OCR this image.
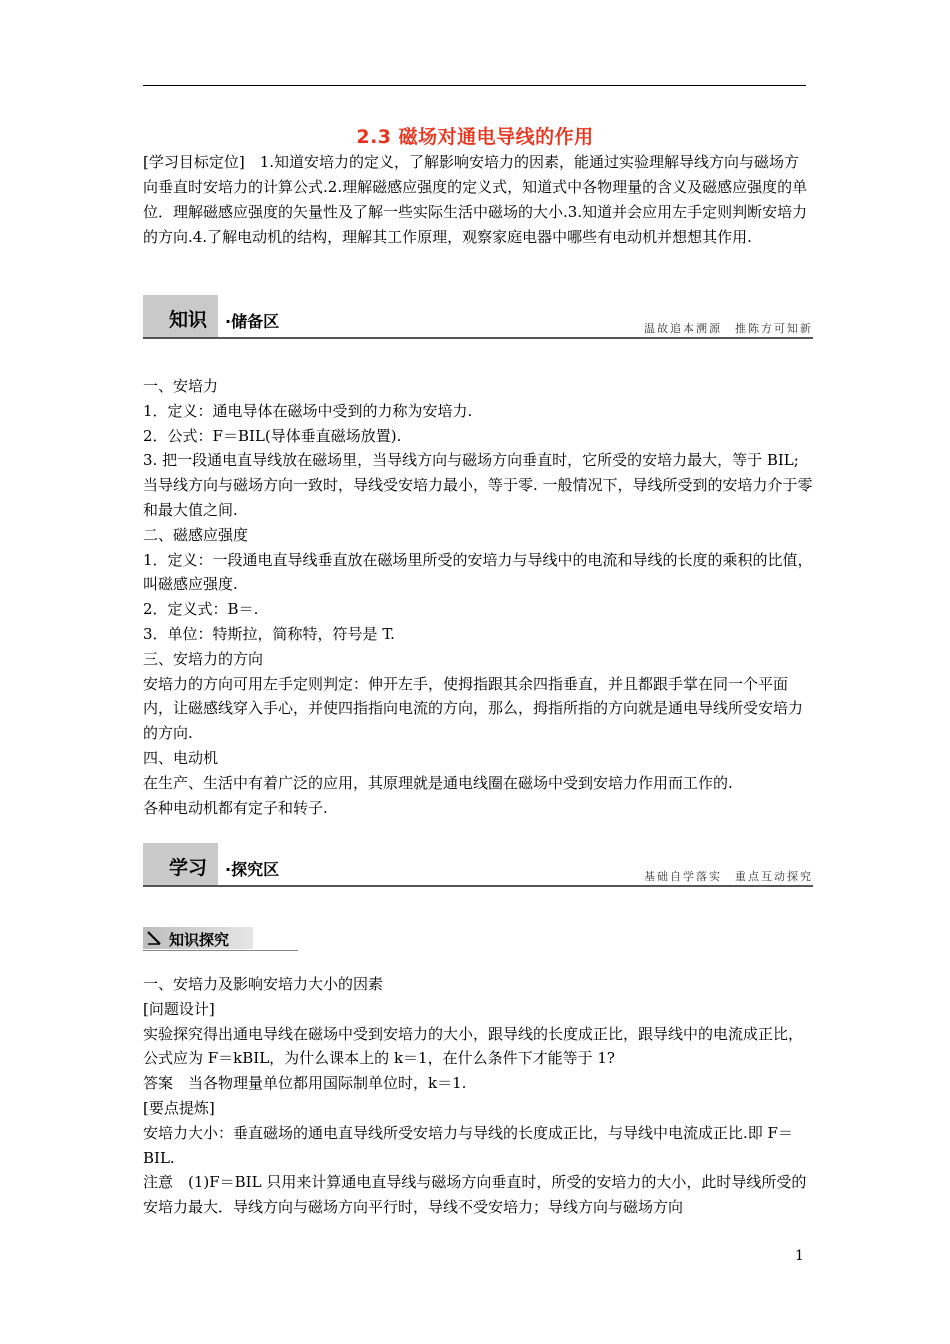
2.3 磁场对通电导线的作用

[学习目标定位]　1.知道安培力的定义，了解影响安培力的因素，能通过实验理解导线方向与磁场方向垂直时安培力的计算公式.2.理解磁感应强度的定义式，知道式中各物理量的含义及磁感应强度的单位．理解磁感应强度的矢量性及了解一些实际生活中磁场的大小.3.知道并会应用左手定则判断安培力的方向.4.了解电动机的结构，理解其工作原理，观察家庭电器中哪些有电动机并想想其作用.

知识 ·储备区	温故追本溯源　推陈方可知新

一、安培力

1．定义：通电导体在磁场中受到的力称为安培力.

2．公式：F＝BIL(导体垂直磁场放置).

3. 把一段通电直导线放在磁场里，当导线方向与磁场方向垂直时，它所受的安培力最大，等于 BIL; 当导线方向与磁场方向一致时，导线受安培力最小，等于零. 一般情况下，导线所受到的安培力介于零和最大值之间.

二、磁感应强度

1．定义：一段通电直导线垂直放在磁场里所受的安培力与导线中的电流和导线的长度的乘积的比值，叫磁感应强度.

2．定义式：B＝.

3．单位：特斯拉，简称特，符号是 T.

三、安培力的方向

安培力的方向可用左手定则判定：伸开左手，使拇指跟其余四指垂直，并且都跟手掌在同一个平面内，让磁感线穿入手心，并使四指指向电流的方向，那么，拇指所指的方向就是通电导线所受安培力的方向.

四、电动机

在生产、生活中有着广泛的应用，其原理就是通电线圈在磁场中受到安培力作用而工作的.

各种电动机都有定子和转子.

学习 ·探究区	基础自学落实　重点互动探究
知识探究

一、安培力及影响安培力大小的因素

[问题设计]

实验探究得出通电导线在磁场中受到安培力的大小，跟导线的长度成正比，跟导线中的电流成正比，公式应为 F＝kBIL，为什么课本上的 k＝1，在什么条件下才能等于 1?

答案　当各物理量单位都用国际制单位时，k＝1.

[要点提炼]

安培力大小：垂直磁场的通电直导线所受安培力与导线的长度成正比，与导线中电流成正比.即 F＝BIL.

注意　(1)F＝BIL 只用来计算通电直导线与磁场方向垂直时，所受的安培力的大小，此时导线所受的安培力最大．导线方向与磁场方向平行时，导线不受安培力；导线方向与磁场方向

1
